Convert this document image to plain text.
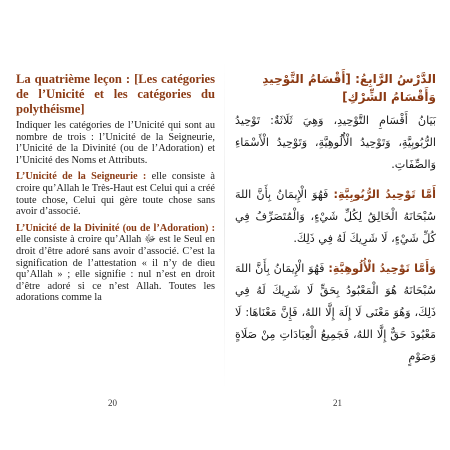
La quatrième leçon : [Les catégories de l’Unicité et les catégories du polythéisme]

Indiquer les catégories de l’Unicité qui sont au nombre de trois : l’Unicité de la Seigneurie, l’Unicité de la Divinité (ou de l’Adoration) et l’Unicité des Noms et Attributs.

L’Unicité de la Seigneurie : elle consiste à croire qu’Allah le Très-Haut est Celui qui a créé toute chose, Celui qui gère toute chose sans avoir d’associé.

L’Unicité de la Divinité (ou de l’Adoration) : elle consiste à croire qu’Allah ﷻ est le Seul en droit d’être adoré sans avoir d’associé. C’est la signification de l’attestation « il n’y de dieu qu’Allah » ; elle signifie : nul n’est en droit d’être adoré si ce n’est Allah. Toutes les adorations comme la

20

الدَّرْسُ الرَّابِعُ: [أَقْسَامُ التَّوْحِيدِ وَأَقْسَامُ الشِّرْكِ]

بَيَانُ أَقْسَامِ التَّوْحِيدِ، وَهِيَ ثَلَاثَةٌ: تَوْحِيدُ الرُّبُوبِيَّةِ، وَتَوْحِيدُ الْأُلُوهِيَّةِ، وَتَوْحِيدُ الْأَسْمَاءِ وَالصِّفَاتِ.

أَمَّا تَوْحِيدُ الرُّبُوبِيَّةِ: فَهُوَ الْإِيمَانُ بِأَنَّ اللهَ سُبْحَانَهُ الْخَالِقُ لِكُلِّ شَيْءٍ، وَالْمُتَصَرِّفُ فِي كُلِّ شَيْءٍ، لَا شَرِيكَ لَهُ فِي ذَلِكَ.

وَأَمَّا تَوْحِيدُ الْأُلُوهِيَّةِ: فَهُوَ الْإِيمَانُ بِأَنَّ اللهَ سُبْحَانَهُ هُوَ الْمَعْبُودُ بِحَقٍّ لَا شَرِيكَ لَهُ فِي ذَلِكَ، وَهُوَ مَعْنَى لَا إِلَهَ إِلَّا اللهُ، فَإِنَّ مَعْنَاهَا: لَا مَعْبُودَ حَقٌّ إِلَّا اللهُ، فَجَمِيعُ الْعِبَادَاتِ مِنْ صَلَاةٍ وَصَوْمٍ

21
